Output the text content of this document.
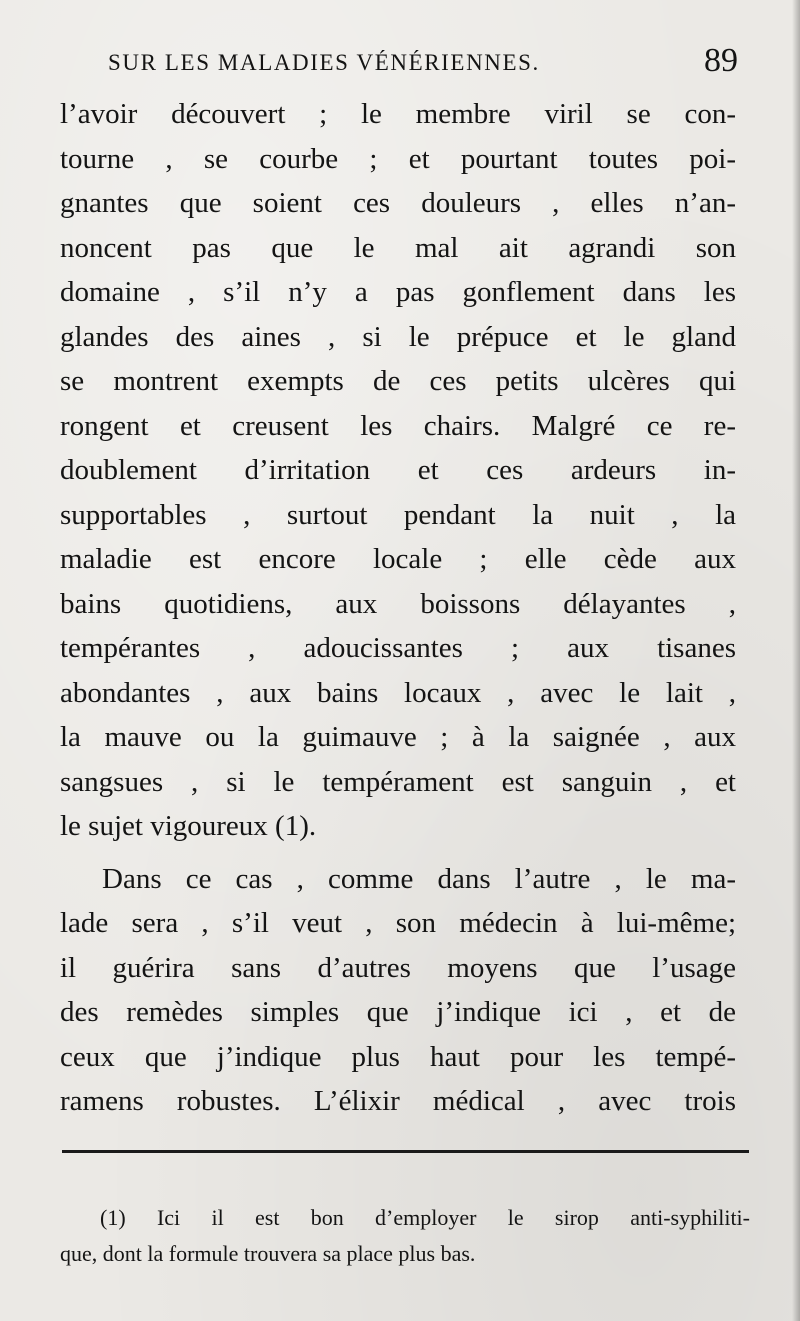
SUR LES MALADIES VÉNÉRIENNES.	89
l’avoir découvert ; le membre viril se con-
tourne , se courbe ; et pourtant toutes poi-
gnantes que soient ces douleurs , elles n’an-
noncent pas que le mal ait agrandi son
domaine , s’il n’y a pas gonflement dans les
glandes des aines , si le prépuce et le gland
se montrent exempts de ces petits ulcères qui
rongent et creusent les chairs. Malgré ce re-
doublement d’irritation et ces ardeurs in-
supportables , surtout pendant la nuit , la
maladie est encore locale ; elle cède aux
bains quotidiens, aux boissons délayantes ,
tempérantes , adoucissantes ; aux tisanes
abondantes , aux bains locaux , avec le lait ,
la mauve ou la guimauve ; à la saignée , aux
sangsues , si le tempérament est sanguin , et
le sujet vigoureux (1).
Dans ce cas , comme dans l’autre , le ma-
lade sera , s’il veut , son médecin à lui-même;
il guérira sans d’autres moyens que l’usage
des remèdes simples que j’indique ici , et de
ceux que j’indique plus haut pour les tempé-
ramens robustes. L’élixir médical , avec trois
(1) Ici il est bon d’employer le sirop anti-syphiliti-
que, dont la formule trouvera sa place plus bas.
